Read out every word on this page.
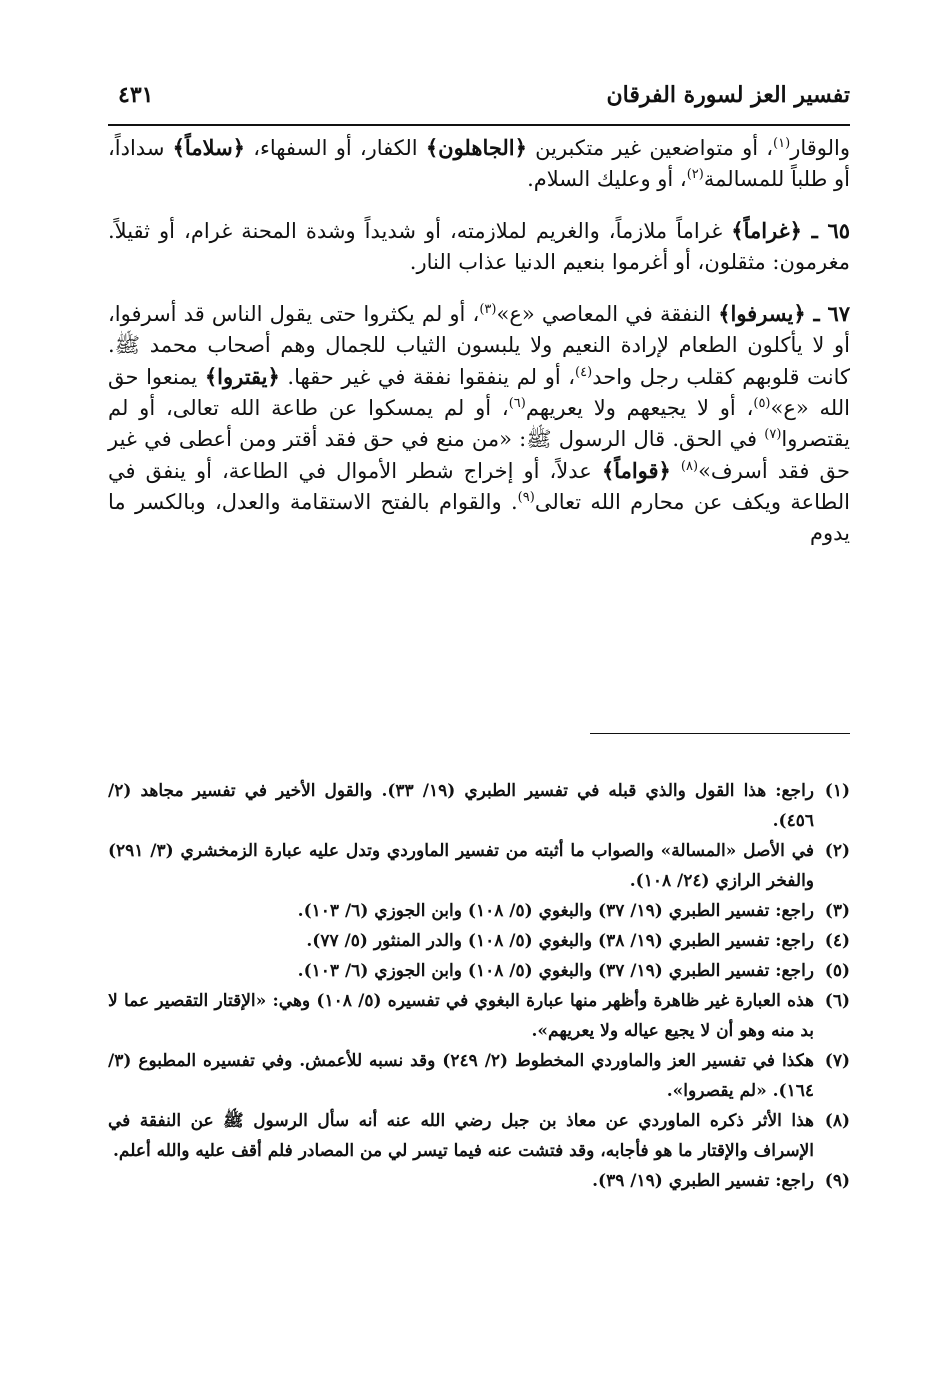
تفسير العز لسورة الفرقان
٤٣١

والوقار$^{(١)}$، أو متواضعين غير متكبرين ﴿الجاهلون﴾ الكفار، أو السفهاء، ﴿سلاماً﴾ سداداً، أو طلباً للمسالمة$^{(٢)}$، أو وعليك السلام.

٦٥ ـ ﴿غراماً﴾ غراماً ملازماً، والغريم لملازمته، أو شديداً وشدة المحنة غرام، أو ثقيلاً. مغرمون: مثقلون، أو أغرموا بنعيم الدنيا عذاب النار.

٦٧ ـ ﴿يسرفوا﴾ النفقة في المعاصي «ع»$^{(٣)}$، أو لم يكثروا حتى يقول الناس قد أسرفوا، أو لا يأكلون الطعام لإرادة النعيم ولا يلبسون الثياب للجمال وهم أصحاب محمد ﷺ. كانت قلوبهم كقلب رجل واحد$^{(٤)}$، أو لم ينفقوا نفقة في غير حقها. ﴿يقتروا﴾ يمنعوا حق الله «ع»$^{(٥)}$، أو لا يجيعهم ولا يعريهم$^{(٦)}$، أو لم يمسكوا عن طاعة الله تعالى، أو لم يقتصروا$^{(٧)}$ في الحق. قال الرسول ﷺ: «من منع في حق فقد أقتر ومن أعطى في غير حق فقد أسرف»$^{(٨)}$ ﴿قواماً﴾ عدلاً، أو إخراج شطر الأموال في الطاعة، أو ينفق في الطاعة ويكف عن محارم الله تعالى$^{(٩)}$. والقوام بالفتح الاستقامة والعدل، وبالكسر ما يدوم

(١)
راجع: هذا القول والذي قبله في تفسير الطبري (١٩/ ٣٣). والقول الأخير في تفسير مجاهد (٢/ ٤٥٦).
(٢)
في الأصل «المسالة» والصواب ما أثبته من تفسير الماوردي وتدل عليه عبارة الزمخشري (٣/ ٢٩١) والفخر الرازي (٢٤/ ١٠٨).
(٣)
راجع: تفسير الطبري (١٩/ ٣٧) والبغوي (٥/ ١٠٨) وابن الجوزي (٦/ ١٠٣).
(٤)
راجع: تفسير الطبري (١٩/ ٣٨) والبغوي (٥/ ١٠٨) والدر المنثور (٥/ ٧٧).
(٥)
راجع: تفسير الطبري (١٩/ ٣٧) والبغوي (٥/ ١٠٨) وابن الجوزي (٦/ ١٠٣).
(٦)
هذه العبارة غير ظاهرة وأظهر منها عبارة البغوي في تفسيره (٥/ ١٠٨) وهي: «الإقتار التقصير عما لا بد منه وهو أن لا يجيع عياله ولا يعريهم».
(٧)
هكذا في تفسير العز والماوردي المخطوط (٢/ ٢٤٩) وقد نسبه للأعمش. وفي تفسيره المطبوع (٣/ ١٦٤). «لم يقصروا».
(٨)
هذا الأثر ذكره الماوردي عن معاذ بن جبل رضي الله عنه أنه سأل الرسول ﷺ عن النفقة في الإسراف والإقتار ما هو فأجابه، وقد فتشت عنه فيما تيسر لي من المصادر فلم أقف عليه والله أعلم.
(٩)
راجع: تفسير الطبري (١٩/ ٣٩).
